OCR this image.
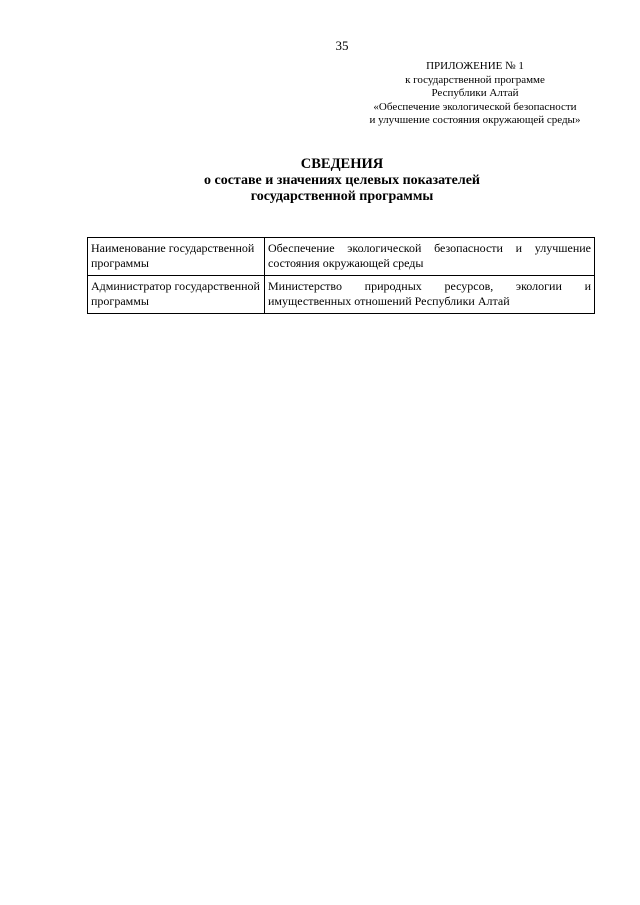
35
ПРИЛОЖЕНИЕ № 1
к государственной программе
Республики Алтай
«Обеспечение экологической безопасности
и улучшение состояния окружающей среды»
СВЕДЕНИЯ
о составе и значениях целевых показателей
государственной программы
Наименование государственной программы	Обеспечение экологической безопасности и улучшение состояния окружающей среды
Администратор государственной программы	Министерство природных ресурсов, экологии и имущественных отношений Республики Алтай
